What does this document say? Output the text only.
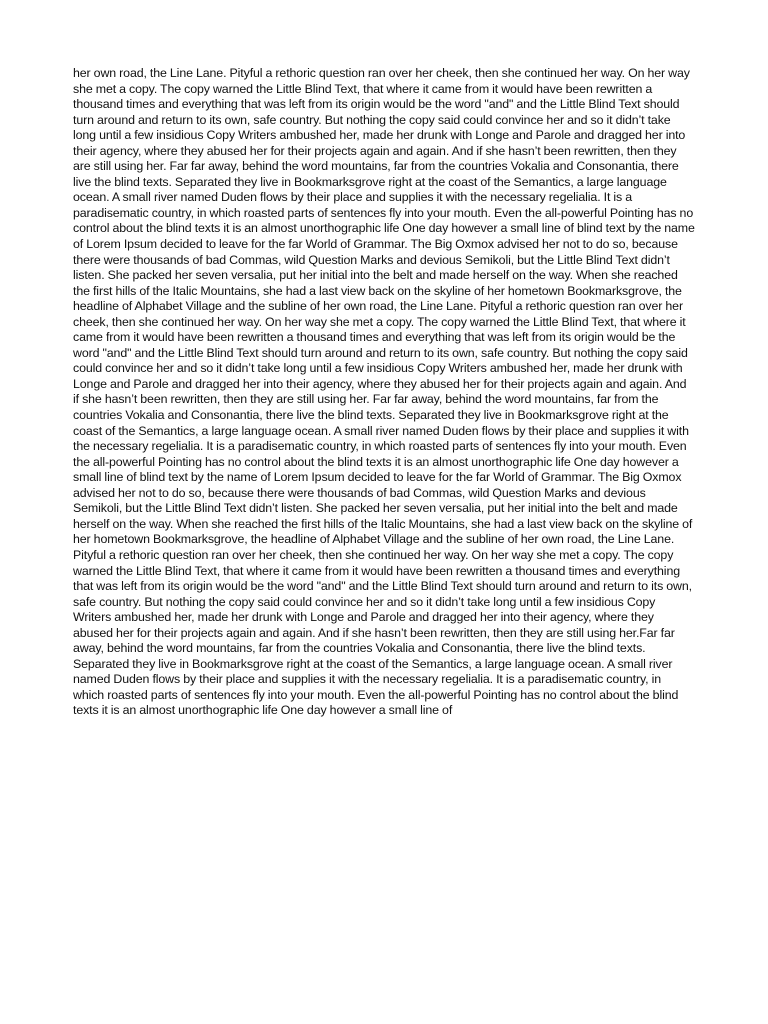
her own road, the Line Lane. Pityful a rethoric question ran over her cheek, then she continued her way. On her way she met a copy. The copy warned the Little Blind Text, that where it came from it would have been rewritten a thousand times and everything that was left from its origin would be the word "and" and the Little Blind Text should turn around and return to its own, safe country. But nothing the copy said could convince her and so it didn’t take long until a few insidious Copy Writers ambushed her, made her drunk with Longe and Parole and dragged her into their agency, where they abused her for their projects again and again. And if she hasn’t been rewritten, then they are still using her. Far far away, behind the word mountains, far from the countries Vokalia and Consonantia, there live the blind texts. Separated they live in Bookmarksgrove right at the coast of the Semantics, a large language ocean. A small river named Duden flows by their place and supplies it with the necessary regelialia. It is a paradisematic country, in which roasted parts of sentences fly into your mouth. Even the all-powerful Pointing has no control about the blind texts it is an almost unorthographic life One day however a small line of blind text by the name of Lorem Ipsum decided to leave for the far World of Grammar. The Big Oxmox advised her not to do so, because there were thousands of bad Commas, wild Question Marks and devious Semikoli, but the Little Blind Text didn’t listen. She packed her seven versalia, put her initial into the belt and made herself on the way. When she reached the first hills of the Italic Mountains, she had a last view back on the skyline of her hometown Bookmarksgrove, the headline of Alphabet Village and the subline of her own road, the Line Lane. Pityful a rethoric question ran over her cheek, then she continued her way. On her way she met a copy. The copy warned the Little Blind Text, that where it came from it would have been rewritten a thousand times and everything that was left from its origin would be the word "and" and the Little Blind Text should turn around and return to its own, safe country. But nothing the copy said could convince her and so it didn’t take long until a few insidious Copy Writers ambushed her, made her drunk with Longe and Parole and dragged her into their agency, where they abused her for their projects again and again. And if she hasn’t been rewritten, then they are still using her. Far far away, behind the word mountains, far from the countries Vokalia and Consonantia, there live the blind texts. Separated they live in Bookmarksgrove right at the coast of the Semantics, a large language ocean. A small river named Duden flows by their place and supplies it with the necessary regelialia. It is a paradisematic country, in which roasted parts of sentences fly into your mouth. Even the all-powerful Pointing has no control about the blind texts it is an almost unorthographic life One day however a small line of blind text by the name of Lorem Ipsum decided to leave for the far World of Grammar. The Big Oxmox advised her not to do so, because there were thousands of bad Commas, wild Question Marks and devious Semikoli, but the Little Blind Text didn’t listen. She packed her seven versalia, put her initial into the belt and made herself on the way. When she reached the first hills of the Italic Mountains, she had a last view back on the skyline of her hometown Bookmarksgrove, the headline of Alphabet Village and the subline of her own road, the Line Lane. Pityful a rethoric question ran over her cheek, then she continued her way. On her way she met a copy. The copy warned the Little Blind Text, that where it came from it would have been rewritten a thousand times and everything that was left from its origin would be the word "and" and the Little Blind Text should turn around and return to its own, safe country. But nothing the copy said could convince her and so it didn’t take long until a few insidious Copy Writers ambushed her, made her drunk with Longe and Parole and dragged her into their agency, where they abused her for their projects again and again. And if she hasn’t been rewritten, then they are still using her.Far far away, behind the word mountains, far from the countries Vokalia and Consonantia, there live the blind texts. Separated they live in Bookmarksgrove right at the coast of the Semantics, a large language ocean. A small river named Duden flows by their place and supplies it with the necessary regelialia. It is a paradisematic country, in which roasted parts of sentences fly into your mouth. Even the all-powerful Pointing has no control about the blind texts it is an almost unorthographic life One day however a small line of
